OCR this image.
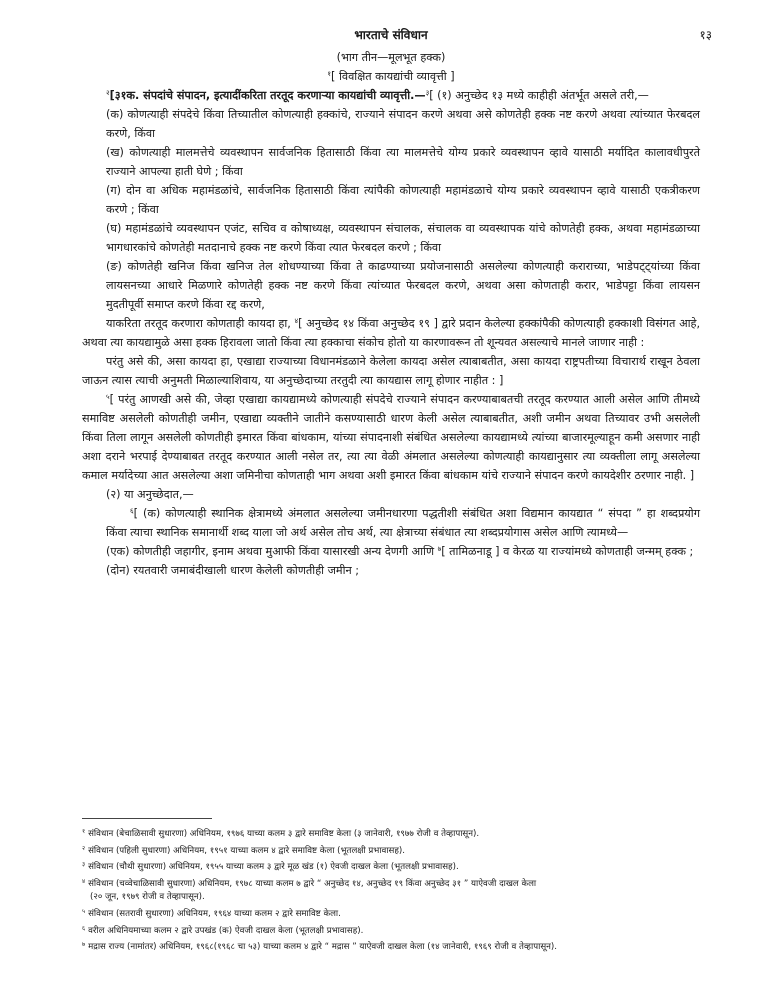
भारताचे संविधान	१३
(भाग तीन—मूलभूत हक्क)
$^१$[ विवक्षित कायद्यांची व्यावृत्ती ]

$^२$[३१क. संपदांचे संपादन, इत्यादींकरिता तरतूद करणाऱ्या कायद्यांची व्यावृत्ती.—$^३$[ (१) अनुच्छेद १३ मध्ये काहीही अंतर्भूत असले तरी,—

(क) कोणत्याही संपदेचे किंवा तिच्यातील कोणत्याही हक्कांचे, राज्याने संपादन करणे अथवा असे कोणतेही हक्क नष्ट करणे अथवा त्यांच्यात फेरबदल करणे, किंवा

(ख) कोणत्याही मालमत्तेचे व्यवस्थापन सार्वजनिक हितासाठी किंवा त्या मालमत्तेचे योग्य प्रकारे व्यवस्थापन व्हावे यासाठी मर्यादित कालावधीपुरते राज्याने आपल्या हाती घेणे ; किंवा

(ग) दोन वा अधिक महामंडळांचे, सार्वजनिक हितासाठी किंवा त्यांपैकी कोणत्याही महामंडळाचे योग्य प्रकारे व्यवस्थापन व्हावे यासाठी एकत्रीकरण करणे ; किंवा

(घ) महामंडळांचे व्यवस्थापन एजंट, सचिव व कोषाध्यक्ष, व्यवस्थापन संचालक, संचालक वा व्यवस्थापक यांचे कोणतेही हक्क, अथवा महामंडळाच्या भागधारकांचे कोणतेही मतदानाचे हक्क नष्ट करणे किंवा त्यात फेरबदल करणे ; किंवा

(ङ) कोणतेही खनिज किंवा खनिज तेल शोधण्याच्या किंवा ते काढण्याच्या प्रयोजनासाठी असलेल्या कोणत्याही कराराच्या, भाडेपट्ट्यांच्या किंवा लायसनच्या आधारे मिळणारे कोणतेही हक्क नष्ट करणे किंवा त्यांच्यात फेरबदल करणे, अथवा असा कोणताही करार, भाडेपट्टा किंवा लायसन मुदतीपूर्वी समाप्त करणे किंवा रद्द करणे,

याकरिता तरतूद करणारा कोणताही कायदा हा, $^४$[ अनुच्छेद १४ किंवा अनुच्छेद १९ ] द्वारे प्रदान केलेल्या हक्कांपैकी कोणत्याही हक्काशी विसंगत आहे, अथवा त्या कायद्यामुळे असा हक्क हिरावला जातो किंवा त्या हक्काचा संकोच होतो या कारणावरून तो शून्यवत असल्याचे मानले जाणार नाही :

परंतु असे की, असा कायदा हा, एखाद्या राज्याच्या विधानमंडळाने केलेला कायदा असेल त्याबाबतीत, असा कायदा राष्ट्रपतीच्या विचारार्थ राखून ठेवला जाऊन त्यास त्याची अनुमती मिळाल्याशिवाय, या अनुच्छेदाच्या तरतुदी त्या कायद्यास लागू होणार नाहीत : ]

$^५$[ परंतु आणखी असे की, जेव्हा एखाद्या कायद्यामध्ये कोणत्याही संपदेचे राज्याने संपादन करण्याबाबतची तरतूद करण्यात आली असेल आणि तीमध्ये समाविष्ट असलेली कोणतीही जमीन, एखाद्या व्यक्तीने जातीने कसण्यासाठी धारण केली असेल त्याबाबतीत, अशी जमीन अथवा तिच्यावर उभी असलेली किंवा तिला लागून असलेली कोणतीही इमारत किंवा बांधकाम, यांच्या संपादनाशी संबंधित असलेल्या कायद्यामध्ये त्यांच्या बाजारमूल्याहून कमी असणार नाही अशा दराने भरपाई देण्याबाबत तरतूद करण्यात आली नसेल तर, त्या त्या वेळी अंमलात असलेल्या कोणत्याही कायद्यानुसार त्या व्यक्तीला लागू असलेल्या कमाल मर्यादेच्या आत असलेल्या अशा जमिनीचा कोणताही भाग अथवा अशी इमारत किंवा बांधकाम यांचे राज्याने संपादन करणे कायदेशीर ठरणार नाही. ]

(२) या अनुच्छेदात,—

$^६$[ (क) कोणत्याही स्थानिक क्षेत्रामध्ये अंमलात असलेल्या जमीनधारणा पद्धतीशी संबंधित अशा विद्यमान कायद्यात “ संपदा ” हा शब्दप्रयोग किंवा त्याचा स्थानिक समानार्थी शब्द याला जो अर्थ असेल तोच अर्थ, त्या क्षेत्राच्या संबंधात त्या शब्दप्रयोगास असेल आणि त्यामध्ये—

(एक) कोणतीही जहागीर, इनाम अथवा मुआफी किंवा यासारखी अन्य देणगी आणि $^७$[ तामिळनाडू ] व केरळ या राज्यांमध्ये कोणताही जन्मम् हक्क ;

(दोन) रयतवारी जमाबंदीखाली धारण केलेली कोणतीही जमीन ;

$^१$ संविधान (बेचाळिसावी सुधारणा) अधिनियम, १९७६ याच्या कलम ३ द्वारे समाविष्ट केला (३ जानेवारी, १९७७ रोजी व तेव्हापासून).

$^२$ संविधान (पहिली सुधारणा) अधिनियम, १९५१ याच्या कलम ४ द्वारे समाविष्ट केला (भूतलक्षी प्रभावासह).

$^३$ संविधान (चौथी सुधारणा) अधिनियम, १९५५ याच्या कलम ३ द्वारे मूळ खंड (१) ऐवजी दाखल केला (भूतलक्षी प्रभावासह).

$^४$ संविधान (चव्वेचाळिसावी सुधारणा) अधिनियम, १९७८ याच्या कलम ७ द्वारे “ अनुच्छेद १४, अनुच्छेद १९ किंवा अनुच्छेद ३१ ” याऐवजी दाखल केला

(२० जून, १९७९ रोजी व तेव्हापासून).

$^५$ संविधान (सतरावी सुधारणा) अधिनियम, १९६४ याच्या कलम २ द्वारे समाविष्ट केला.

$^६$ वरील अधिनियमाच्या कलम २ द्वारे उपखंड (क) ऐवजी दाखल केला (भूतलक्षी प्रभावासह).

$^७$ मद्रास राज्य (नामांतर) अधिनियम, १९६८(१९६८ चा ५३) याच्या कलम ४ द्वारे “ मद्रास ” याऐवजी दाखल केला (१४ जानेवारी, १९६९ रोजी व तेव्हापासून).
